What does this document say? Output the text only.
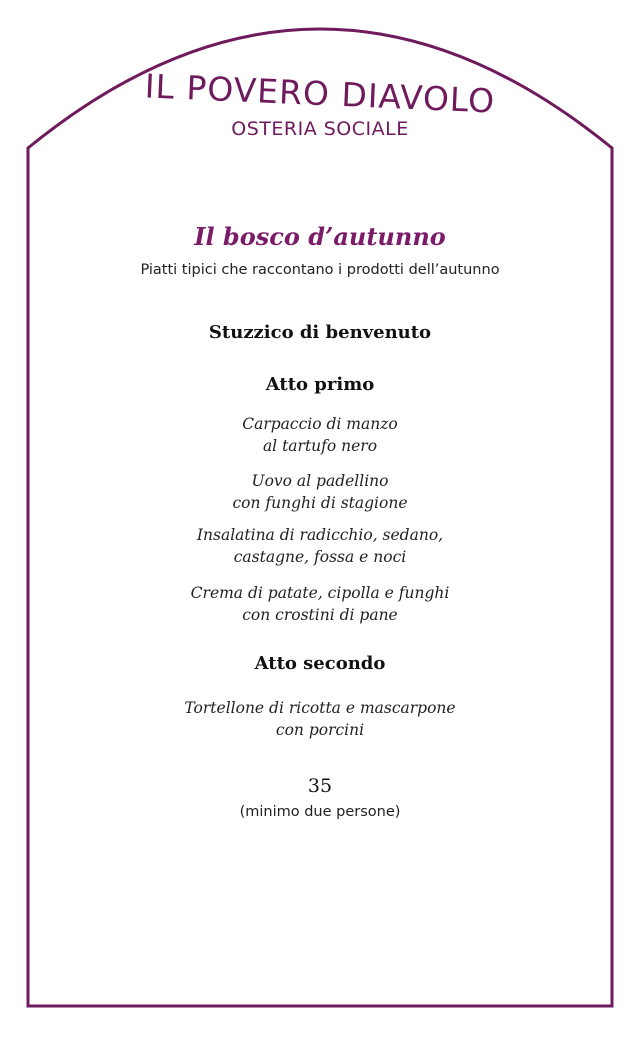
IL POVERO DIAVOLO
OSTERIA SOCIALE
Il bosco d’autunno
Piatti tipici che raccontano i prodotti dell’autunno
Stuzzico di benvenuto
Atto primo
Carpaccio di manzo
al tartufo nero
Uovo al padellino
con funghi di stagione
Insalatina di radicchio, sedano,
castagne, fossa e noci
Crema di patate, cipolla e funghi
con crostini di pane
Atto secondo
Tortellone di ricotta e mascarpone
con porcini
35
(minimo due persone)
